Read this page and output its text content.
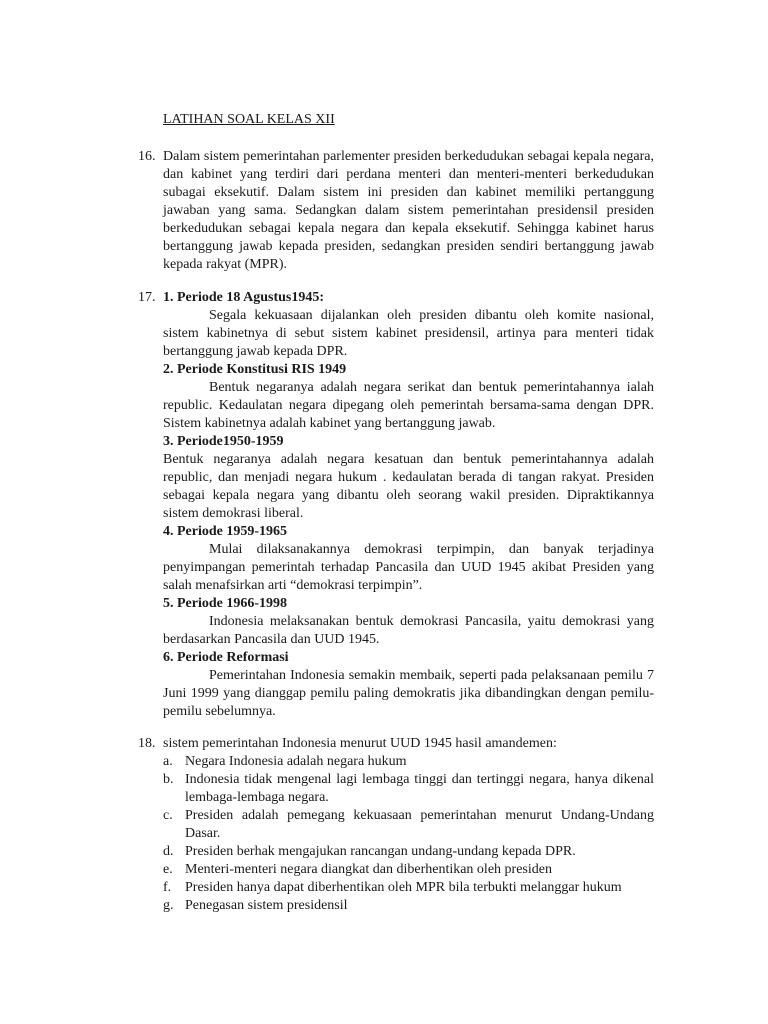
LATIHAN SOAL KELAS XII
16. Dalam sistem pemerintahan parlementer presiden berkedudukan sebagai kepala negara, dan kabinet yang terdiri dari perdana menteri dan menteri-menteri berkedudukan subagai eksekutif. Dalam sistem ini presiden dan kabinet memiliki pertanggung jawaban yang sama. Sedangkan dalam sistem pemerintahan presidensil presiden berkedudukan sebagai kepala negara dan kepala eksekutif. Sehingga kabinet harus bertanggung jawab kepada presiden, sedangkan presiden sendiri bertanggung jawab kepada rakyat (MPR).
17. 1. Periode 18 Agustus1945:
Segala kekuasaan dijalankan oleh presiden dibantu oleh komite nasional, sistem kabinetnya di sebut sistem kabinet presidensil, artinya para menteri tidak bertanggung jawab kepada DPR.
2. Periode Konstitusi RIS 1949
Bentuk negaranya adalah negara serikat dan bentuk pemerintahannya ialah republic. Kedaulatan negara dipegang oleh pemerintah bersama-sama dengan DPR. Sistem kabinetnya adalah kabinet yang bertanggung jawab.
3. Periode1950-1959
Bentuk negaranya adalah negara kesatuan dan bentuk pemerintahannya adalah republic, dan menjadi negara hukum . kedaulatan berada di tangan rakyat. Presiden sebagai kepala negara yang dibantu oleh seorang wakil presiden. Dipraktikannya sistem demokrasi liberal.
4. Periode 1959-1965
Mulai dilaksanakannya demokrasi terpimpin, dan banyak terjadinya penyimpangan pemerintah terhadap Pancasila dan UUD 1945 akibat Presiden yang salah menafsirkan arti “demokrasi terpimpin”.
5. Periode 1966-1998
Indonesia melaksanakan bentuk demokrasi Pancasila, yaitu demokrasi yang berdasarkan Pancasila dan UUD 1945.
6. Periode Reformasi
Pemerintahan Indonesia semakin membaik, seperti pada pelaksanaan pemilu 7 Juni 1999 yang dianggap pemilu paling demokratis jika dibandingkan dengan pemilu-pemilu sebelumnya.
18. sistem pemerintahan Indonesia menurut UUD 1945 hasil amandemen:
a. Negara Indonesia adalah negara hukum
b. Indonesia tidak mengenal lagi lembaga tinggi dan tertinggi negara, hanya dikenal lembaga-lembaga negara.
c. Presiden adalah pemegang kekuasaan pemerintahan menurut Undang-Undang Dasar.
d. Presiden berhak mengajukan rancangan undang-undang kepada DPR.
e. Menteri-menteri negara diangkat dan diberhentikan oleh presiden
f. Presiden hanya dapat diberhentikan oleh MPR bila terbukti melanggar hukum
g. Penegasan sistem presidensil
